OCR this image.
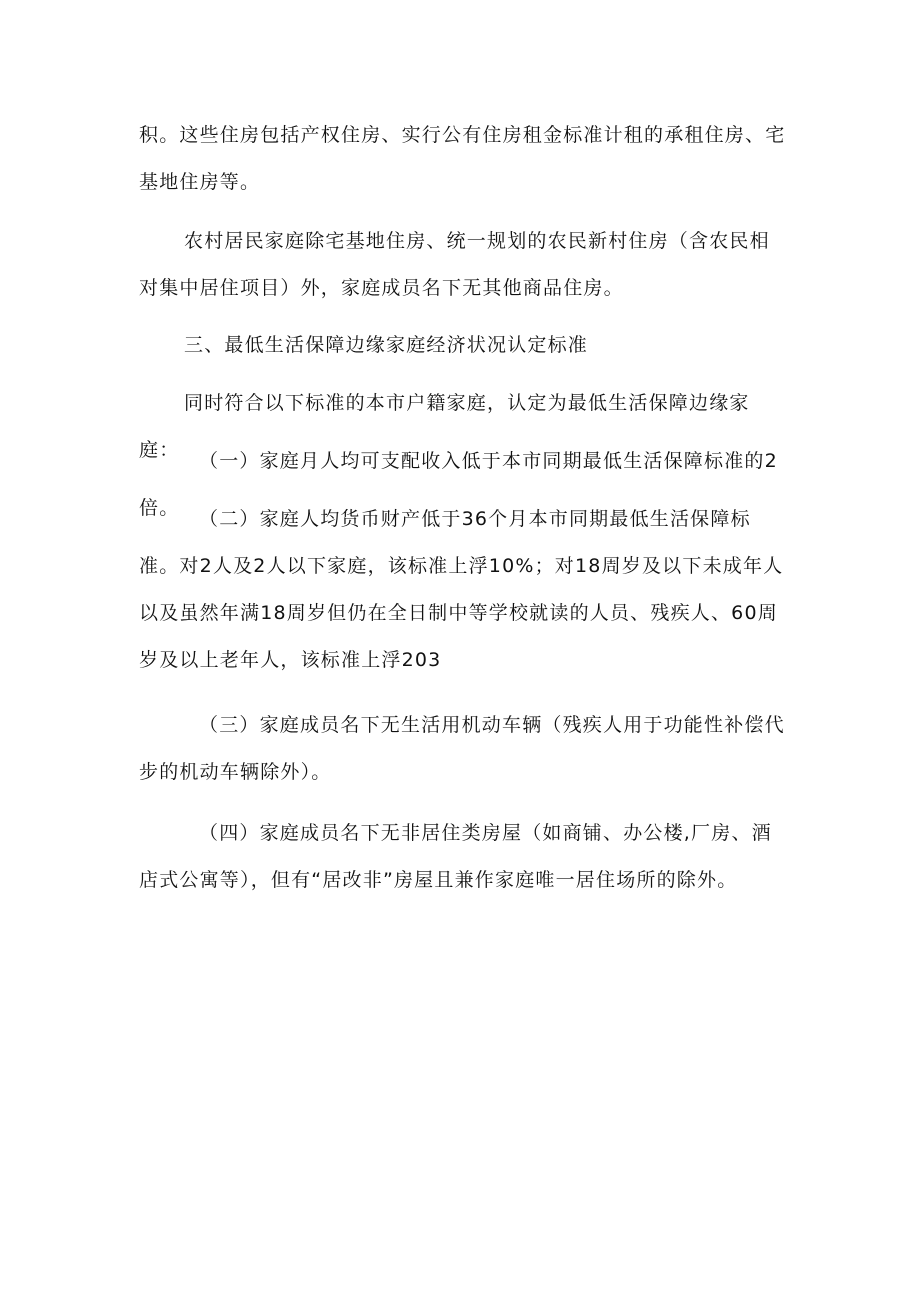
积。这些住房包括产权住房、实行公有住房租金标准计租的承租住房、宅基地住房等。

农村居民家庭除宅基地住房、统一规划的农民新村住房（含农民相对集中居住项目）外，家庭成员名下无其他商品住房。

三、最低生活保障边缘家庭经济状况认定标准

同时符合以下标准的本市户籍家庭，认定为最低生活保障边缘家庭：	（一）家庭月人均可支配收入低于本市同期最低生活保障标准的2倍。	（二）家庭人均货币财产低于36个月本市同期最低生活保障标准。对2人及2人以下家庭，该标准上浮10%；对18周岁及以下未成年人以及虽然年满18周岁但仍在全日制中等学校就读的人员、残疾人、60周岁及以上老年人，该标准上浮203

（三）家庭成员名下无生活用机动车辆（残疾人用于功能性补偿代步的机动车辆除外）。

（四）家庭成员名下无非居住类房屋（如商铺、办公楼,厂房、酒店式公寓等），但有“居改非”房屋且兼作家庭唯一居住场所的除外。
